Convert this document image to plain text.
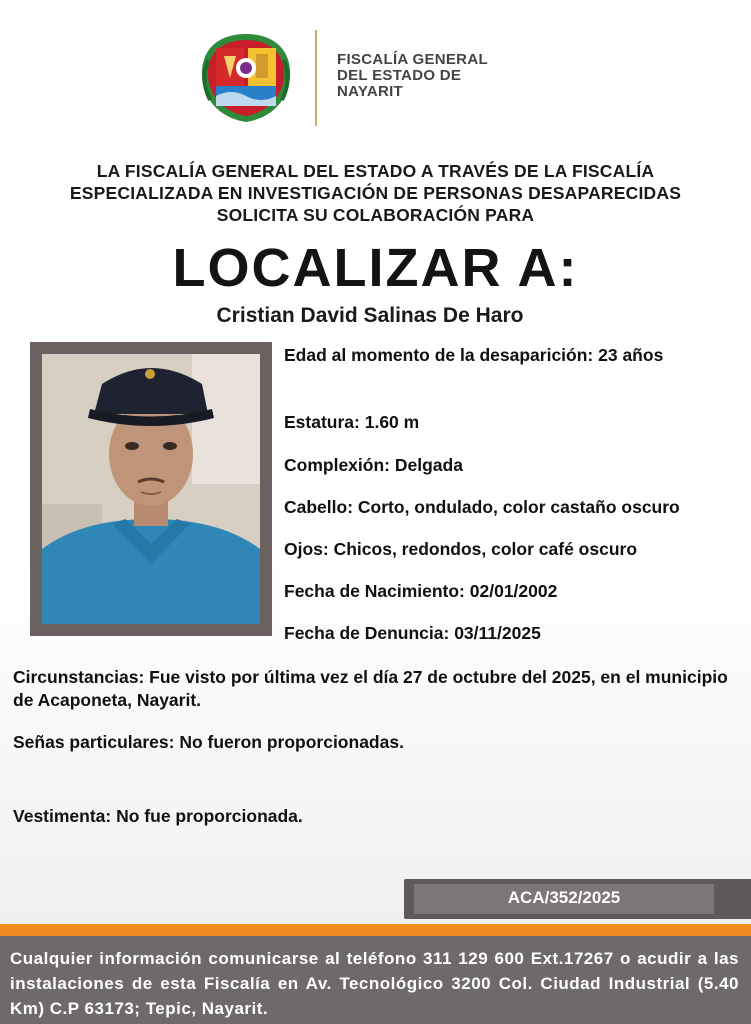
FISCALÍA GENERAL
DEL ESTADO DE
NAYARIT
LA FISCALÍA GENERAL DEL ESTADO A TRAVÉS DE LA FISCALÍA
ESPECIALIZADA EN INVESTIGACIÓN DE PERSONAS DESAPARECIDAS
SOLICITA SU COLABORACIÓN PARA
LOCALIZAR A:
Cristian David Salinas De Haro
Edad al momento de la desaparición: 23 años
Estatura: 1.60 m
Complexión: Delgada
Cabello: Corto, ondulado, color castaño oscuro
Ojos: Chicos, redondos, color café oscuro
Fecha de Nacimiento: 02/01/2002
Fecha de Denuncia: 03/11/2025
Circunstancias: Fue visto por última vez el día 27 de octubre del 2025, en el municipio de Acaponeta, Nayarit.
Señas particulares: No fueron proporcionadas.
Vestimenta: No fue proporcionada.
ACA/352/2025
Cualquier información comunicarse al teléfono 311 129 600 Ext.17267 o acudir a las instalaciones de esta Fiscalía en Av. Tecnológico 3200 Col. Ciudad Industrial (5.40 Km) C.P 63173; Tepic, Nayarit.
